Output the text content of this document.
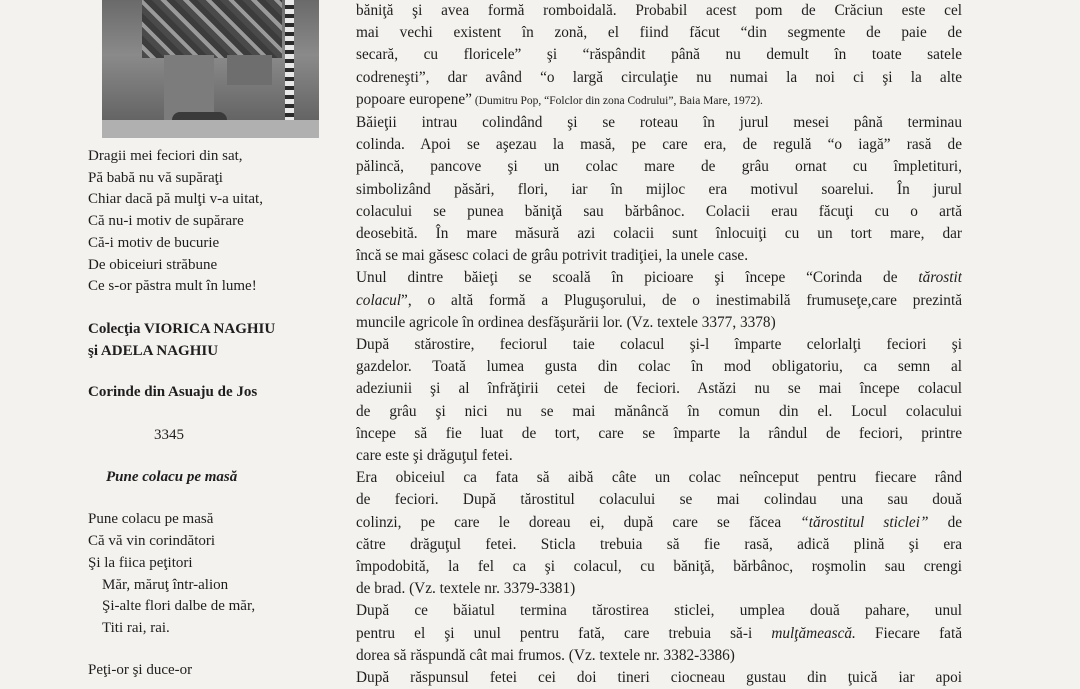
Dragii mei feciori din sat,
Pă babă nu vă supăraţi
Chiar dacă pă mulţi v-a uitat,
Că nu-i motiv de supărare
Că-i motiv de bucurie
De obiceiuri străbune
Ce s-or păstra mult în lume!
Colecţia VIORICA NAGHIU
şi ADELA NAGHIU
Corinde din Asuaju de Jos
3345
Pune colacu pe masă
Pune colacu pe masă
Că vă vin corindători
Şi la fiica peţitori
Măr, măruţ într-alion
Şi-alte flori dalbe de măr,
Titi rai, rai.
Peţi-or şi duce-or
băniţă şi avea formă romboidală. Probabil acest pom de Crăciun este cel
mai vechi existent în zonă, el fiind făcut “din segmente de paie de
secară, cu floricele” şi “răspândit până nu demult în toate satele
codreneşti”, dar având “o largă circulaţie nu numai la noi ci şi la alte
popoare europene” (Dumitru Pop, “Folclor din zona Codrului”, Baia Mare, 1972).
Băieţii intrau colindând şi se roteau în jurul mesei până terminau
colinda. Apoi se aşezau la masă, pe care era, de regulă “o iagă” rasă de
pălincă, pancove şi un colac mare de grâu ornat cu împletituri,
simbolizând păsări, flori, iar în mijloc era motivul soarelui. În jurul
colacului se punea băniţă sau bărbânoc. Colacii erau făcuţi cu o artă
deosebită. În mare măsură azi colacii sunt înlocuiţi cu un tort mare, dar
încă se mai găsesc colaci de grâu potrivit tradiţiei, la unele case.
Unul dintre băieţi se scoală în picioare şi începe “Corinda de tărostit
colacul”, o altă formă a Pluguşorului, de o inestimabilă frumuseţe,care prezintă
muncile agricole în ordinea desfăşurării lor. (Vz. textele 3377, 3378)
După stărostire, feciorul taie colacul şi-l împarte celorlalţi feciori şi
gazdelor. Toată lumea gusta din colac în mod obligatoriu, ca semn al
adeziunii şi al înfrăţirii cetei de feciori. Astăzi nu se mai începe colacul
de grâu şi nici nu se mai mănâncă în comun din el. Locul colacului
începe să fie luat de tort, care se împarte la rândul de feciori, printre
care este şi drăguţul fetei.
Era obiceiul ca fata să aibă câte un colac neînceput pentru fiecare rând
de feciori. După tărostitul colacului se mai colindau una sau două
colinzi, pe care le doreau ei, după care se făcea “tărostitul sticlei” de
către drăguţul fetei. Sticla trebuia să fie rasă, adică plină şi era
împodobită, la fel ca şi colacul, cu băniţă, bărbânoc, roşmolin sau crengi
de brad. (Vz. textele nr. 3379-3381)
După ce băiatul termina tărostirea sticlei, umplea două pahare, unul
pentru el şi unul pentru fată, care trebuia să-i mulţămească. Fiecare fată
dorea să răspundă cât mai frumos. (Vz. textele nr. 3382-3386)
După răspunsul fetei cei doi tineri ciocneau gustau din ţuică iar apoi
